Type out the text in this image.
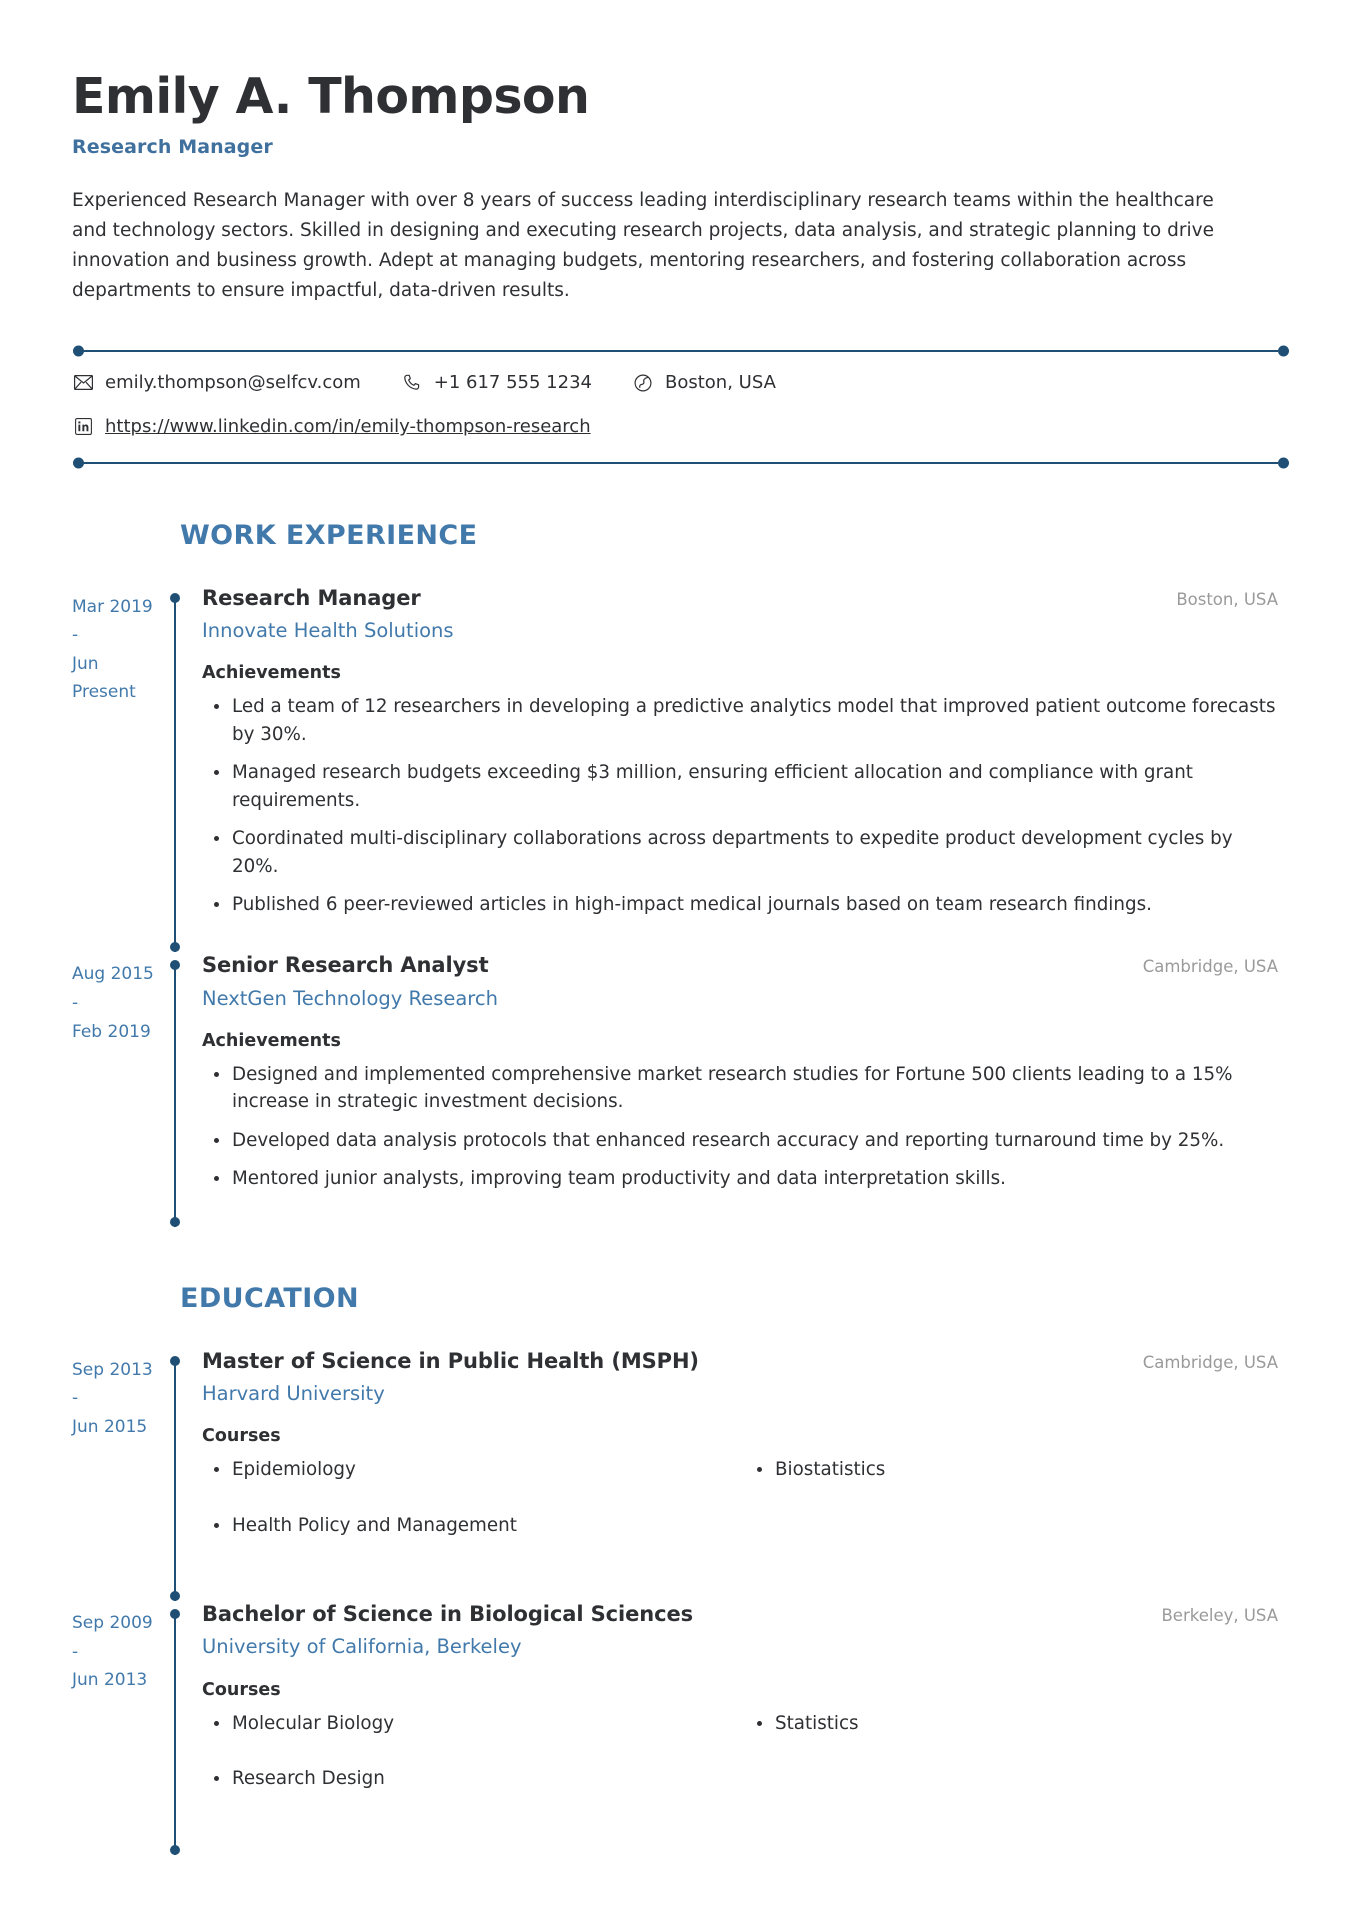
Emily A. Thompson
Research Manager

Experienced Research Manager with over 8 years of success leading interdisciplinary research teams within the healthcare and technology sectors. Skilled in designing and executing research projects, data analysis, and strategic planning to drive innovation and business growth. Adept at managing budgets, mentoring researchers, and fostering collaboration across departments to ensure impactful, data-driven results.

emily.thompson@selfcv.com	+1 617 555 1234	Boston, USA
https://www.linkedin.com/in/emily-thompson-research
WORK EXPERIENCE
Mar 2019
-
Jun
Present
Research Manager	Boston, USA
Innovate Health Solutions
Achievements
Led a team of 12 researchers in developing a predictive analytics model that improved patient outcome forecasts by 30%.
Managed research budgets exceeding $3 million, ensuring efficient allocation and compliance with grant requirements.
Coordinated multi-disciplinary collaborations across departments to expedite product development cycles by 20%.
Published 6 peer-reviewed articles in high-impact medical journals based on team research findings.
Aug 2015
-
Feb 2019
Senior Research Analyst	Cambridge, USA
NextGen Technology Research
Achievements
Designed and implemented comprehensive market research studies for Fortune 500 clients leading to a 15% increase in strategic investment decisions.
Developed data analysis protocols that enhanced research accuracy and reporting turnaround time by 25%.
Mentored junior analysts, improving team productivity and data interpretation skills.
EDUCATION
Sep 2013
-
Jun 2015
Master of Science in Public Health (MSPH)	Cambridge, USA
Harvard University
Courses
Epidemiology
Health Policy and Management
Biostatistics
Sep 2009
-
Jun 2013
Bachelor of Science in Biological Sciences	Berkeley, USA
University of California, Berkeley
Courses
Molecular Biology
Research Design
Statistics
